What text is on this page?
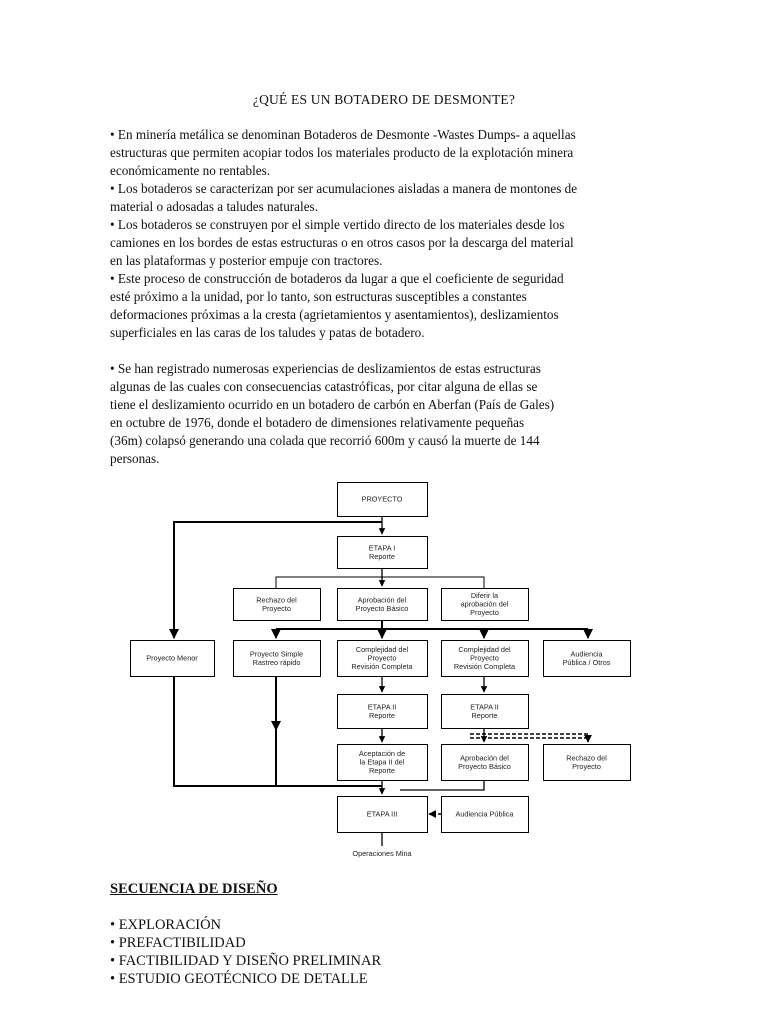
¿QUÉ ES UN BOTADERO DE DESMONTE?

• En minería metálica se denominan Botaderos de Desmonte -Wastes Dumps- a aquellas

estructuras que permiten acopiar todos los materiales producto de la explotación minera

económicamente no rentables.

• Los botaderos se caracterizan por ser acumulaciones aisladas a manera de montones de

material o adosadas a taludes naturales.

• Los botaderos se construyen por el simple vertido directo de los materiales desde los

camiones en los bordes de estas estructuras o en otros casos por la descarga del material

en las plataformas y posterior empuje con tractores.

• Este proceso de construcción de botaderos da lugar a que el coeficiente de seguridad

esté próximo a la unidad, por lo tanto, son estructuras susceptibles a constantes

deformaciones próximas a la cresta (agrietamientos y asentamientos), deslizamientos

superficiales en las caras de los taludes y patas de botadero.

• Se han registrado numerosas experiencias de deslizamientos de estas estructuras

algunas de las cuales con consecuencias catastróficas, por citar alguna de ellas se

tiene el deslizamiento ocurrido en un botadero de carbón en Aberfan (País de Gales)

en octubre de 1976, donde el botadero de dimensiones relativamente pequeñas

(36m) colapsó generando una colada que recorrió 600m y causó la muerte de 144

personas.

PROYECTO
ETAPA I
Reporte
Rechazo del
Proyecto
Aprobación del
Proyecto Básico
Diferir la
aprobación del
Proyecto
Proyecto Menor	Proyecto Simple
Rastreo rápido
Complejidad del
Proyecto
Revisión Completa
Complejidad del
Proyecto
Revisión Completa
Audiencia
Pública / Otros
ETAPA II
Reporte
ETAPA II
Reporte
Aceptación de
la Etapa II del
Reporte
Aprobación del
Proyecto Básico
Rechazo del
Proyecto
ETAPA III	Audiencia Pública
Operaciones Mina
SECUENCIA DE DISEÑO
• EXPLORACIÓN
• PREFACTIBILIDAD
• FACTIBILIDAD Y DISEÑO PRELIMINAR
• ESTUDIO GEOTÉCNICO DE DETALLE
